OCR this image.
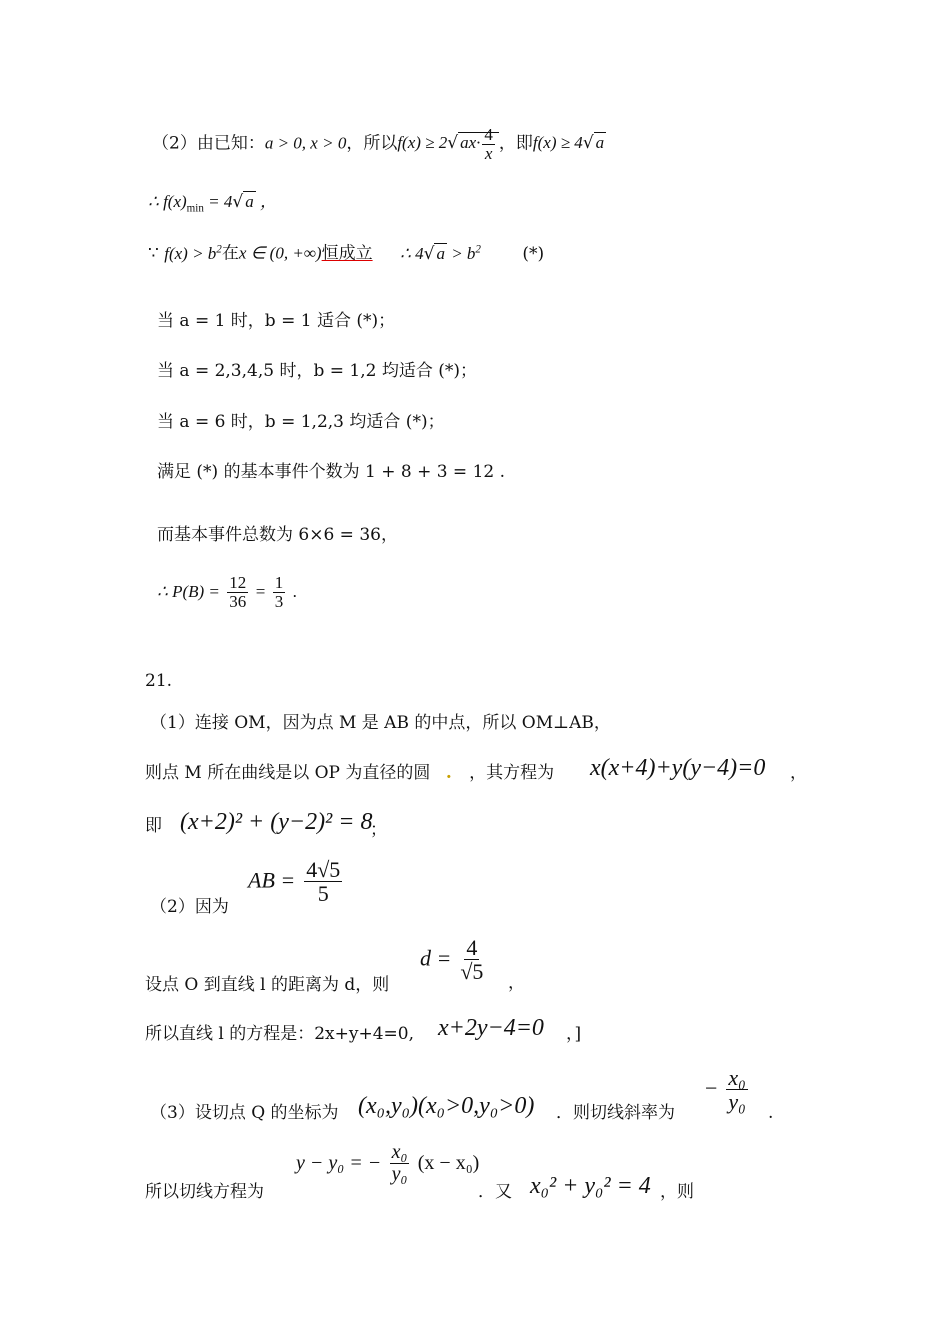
（2）由已知：a > 0, x > 0，所以f(x) ≥ 2√ $ax\cdot \frac{4}{x}$ ，即f(x) ≥ 4√ a
∴ $f(x)_{min} = 4√$ a ，
∵ $f(x) > b^2$在x ∈ (0, +∞)恒成立 ∴ 4√ $a > b^2$ (*)
当 a = 1 时，b = 1 适合 (*)；
当 a = 2,3,4,5 时，b = 1,2 均适合 (*)；
当 a = 6 时，b = 1,2,3 均适合 (*)；
满足 (*) 的基本事件个数为 1 + 8 + 3 = 12 .
而基本事件总数为 6×6 = 36，
∴ $P(B) = \frac{12}{36} = \frac{1}{3}$ .
21.
（1）连接 OM，因为点 M 是 AB 的中点，所以 OM⊥AB，
则点 M 所在曲线是以 OP 为直径的圆 . ，其方程为 x(x+4)+y(y−4)=0 ，
即 (x+2)² + (y−2)² = 8
；
（2）因为
AB = $\frac{4√5}{5}$
设点 O 到直线 l 的距离为 d，则
$d = \frac{4}{√5}$ ，
所以直线 l 的方程是：2x+y+4=0, x+2y−4=0 ，]
（3）设切点 Q 的坐标为 (x₀,y₀)(x₀>0,y₀>0) ．则切线斜率为
− $\frac{\text{x₀}}{\text{y₀}}$ .
所以切线方程为
y − y₀ = − $\frac{\text{x₀}}{\text{y₀}} (x - x_0)$
．又 x₀² + y₀² = 4 ，则
